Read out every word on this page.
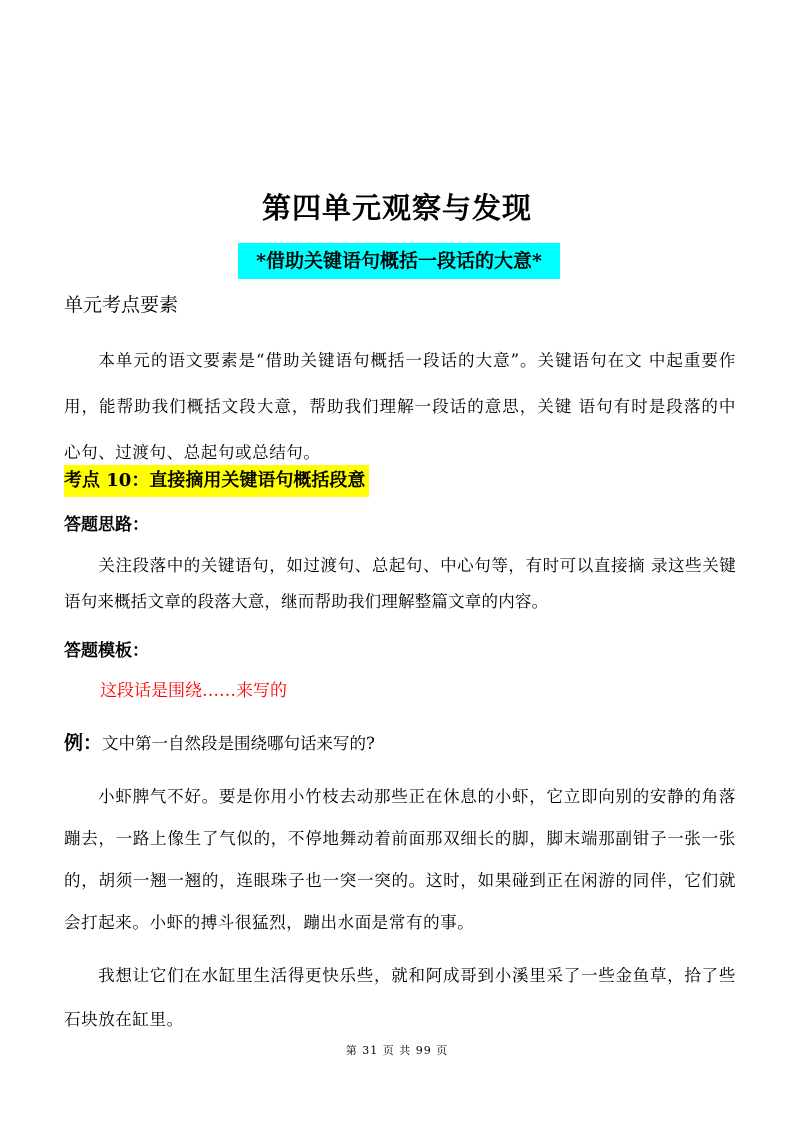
第四单元观察与发现
*借助关键语句概括一段话的大意*
单元考点要素
本单元的语文要素是“借助关键语句概括一段话的大意”。关键语句在文 中起重要作用，能帮助我们概括文段大意，帮助我们理解一段话的意思，关键 语句有时是段落的中心句、过渡句、总起句或总结句。
考点 10：直接摘用关键语句概括段意
答题思路：
关注段落中的关键语句，如过渡句、总起句、中心句等，有时可以直接摘 录这些关键语句来概括文章的段落大意，继而帮助我们理解整篇文章的内容。
答题模板：
这段话是围绕……来写的
例：文中第一自然段是围绕哪句话来写的?
小虾脾气不好。要是你用小竹枝去动那些正在休息的小虾，它立即向别的安静的角落蹦去，一路上像生了气似的，不停地舞动着前面那双细长的脚，脚末端那副钳子一张一张的，胡须一翘一翘的，连眼珠子也一突一突的。这时，如果碰到正在闲游的同伴，它们就会打起来。小虾的搏斗很猛烈，蹦出水面是常有的事。
我想让它们在水缸里生活得更快乐些，就和阿成哥到小溪里采了一些金鱼草，拾了些石块放在缸里。
第 31 页 共 99 页
